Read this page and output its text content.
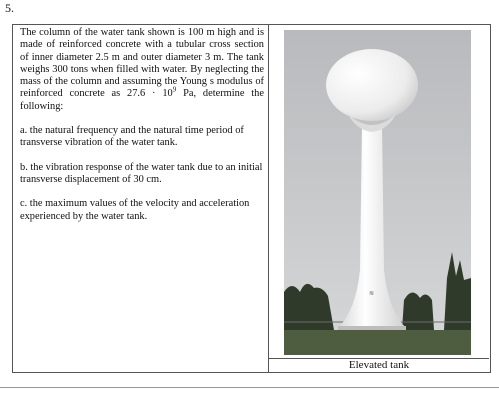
5.

The column of the water tank shown is 100 m high and is made of reinforced concrete with a tubular cross section of inner diameter 2.5 m and outer diameter 3 m. The tank weighs 300 tons when filled with water. By neglecting the mass of the column and assuming the Young s modulus of reinforced concrete as $27.6 \cdot 10^9$ Pa, determine the following:

a. the natural frequency and the natural time period of transverse vibration of the water tank.

b. the vibration response of the water tank due to an initial transverse displacement of 30 cm.

c. the maximum values of the velocity and acceleration experienced by the water tank.

≋
Elevated tank
